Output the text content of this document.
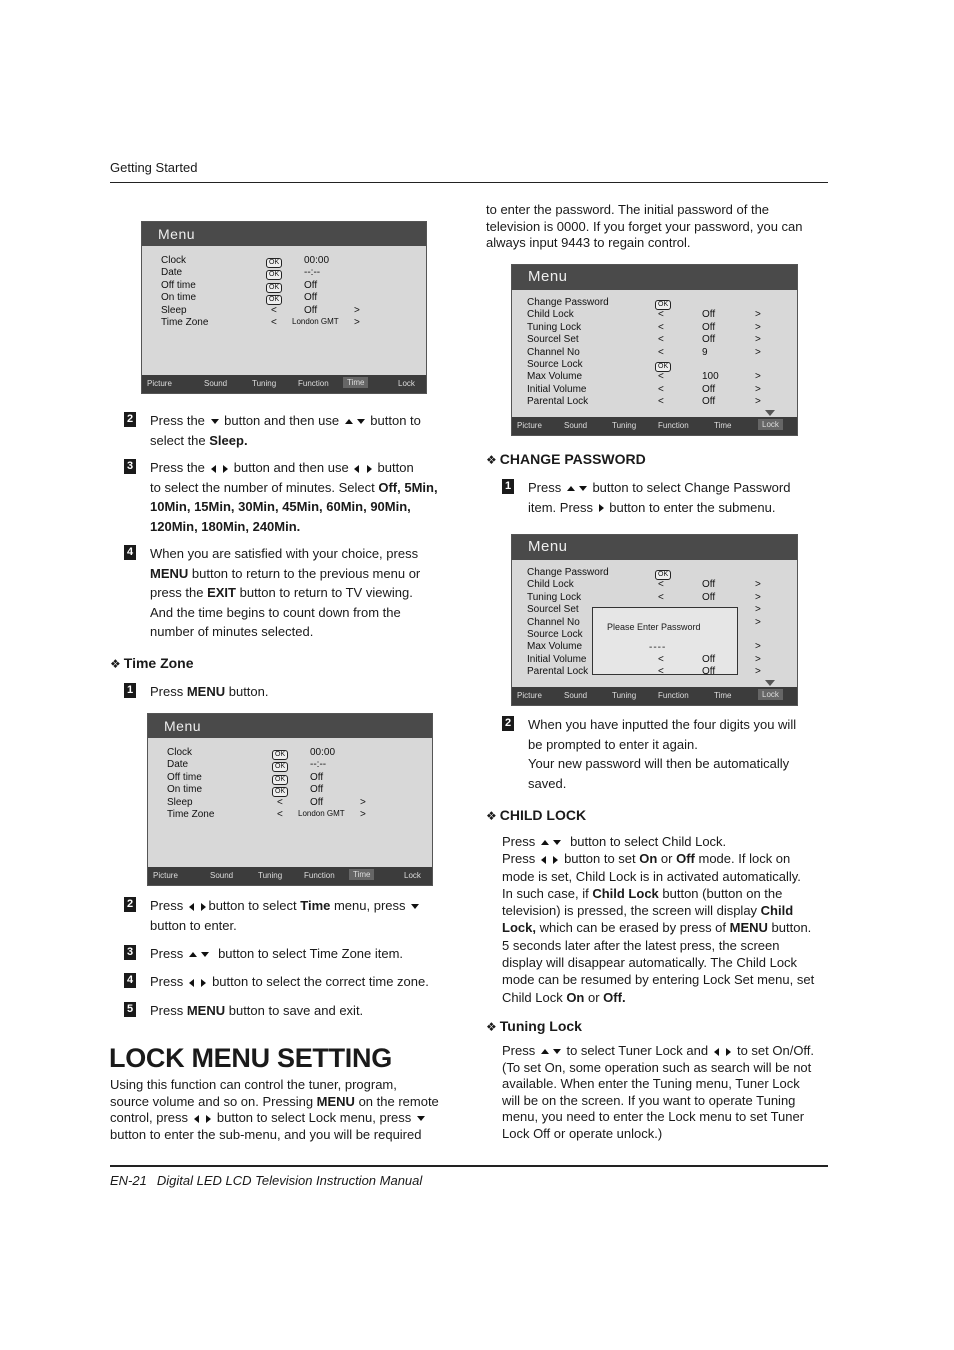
Getting Started
Menu
Picture	Sound	Tuning	Function	Time	Lock
Clock	OK	00:00
Date	OK	--:--
Off time	OK	Off
On time	OK	Off
Sleep	<	Off	>
Time Zone	< London GMT >
2 Press the  button and then use  button to
select the Sleep.
3 Press the   button and then use   button
to select the number of minutes. Select Off, 5Min,
10Min, 15Min, 30Min, 45Min, 60Min, 90Min,
120Min, 180Min, 240Min.
4 When you are satisfied with your choice, press
MENU button to return to the previous menu or
press the EXIT button to return to TV viewing.
And the time begins to count down from the
number of minutes selected.
❖ Time Zone
1 Press MENU button.
Menu
Picture	Sound	Tuning	Function	Time	Lock
Clock	OK	00:00
Date	OK	--:--
Off time	OK	Off
On time	OK	Off
Sleep	<	Off	>
Time Zone	< London GMT >
2 Press  button to select Time menu, press
button to enter.
3 Press   button to select Time Zone item.
4 Press   button to select the correct time zone.
5 Press MENU button to save and exit.
LOCK MENU SETTING
Using this function can control the tuner, program,
source volume and so on. Pressing MENU on the remote
control, press   button to select Lock menu, press
button to enter the sub-menu, and you will be required
to enter the password. The initial password of the
television is 0000. If you forget your password, you can
always input 9443 to regain control.
Menu
Picture	Sound	Tuning	Function	Time	Lock
Change Password	OK
Child Lock	<	Off	>
Tuning Lock	<	Off	>
Sourcel Set	<	Off	>
Channel No	<	9	>
Source Lock	OK
Max Volume	<	100	>
Initial Volume	<	Off	>
Parental Lock	<	Off	>
❖ CHANGE PASSWORD
1 Press  button to select Change Password
item. Press  button to enter the submenu.
Menu
Please Enter Password
----
Picture	Sound	Tuning	Function	Time	Lock
Change Password	OK
Child Lock	<	Off	>
Tuning Lock	<	Off	>
Sourcel Set	>
Channel No	>
Source Lock
Max Volume	>
Initial Volume	<	Off	>
Parental Lock	<	Off	>
2 When you have inputted the four digits you will
be prompted to enter it again.
Your new password will then be automatically
saved.
❖ CHILD LOCK
Press   button to select Child Lock.
Press   button to set On or Off mode. If lock on
mode is set, Child Lock is in activated automatically.
In such case, if Child Lock button (button on the
television) is pressed, the screen will display Child
Lock, which can be erased by press of MENU button.
5 seconds later after the latest press, the screen
display will disappear automatically. The Child Lock
mode can be resumed by entering Lock Set menu, set
Child Lock On or Off.
❖ Tuning Lock
Press  to select Tuner Lock and   to set On/Off.
(To set On, some operation such as search will be not
available. When enter the Tuning menu, Tuner Lock
will be on the screen. If you want to operate Tuning
menu, you need to enter the Lock menu to set Tuner
Lock Off or operate unlock.)
EN-21 Digital LED LCD Television Instruction Manual
